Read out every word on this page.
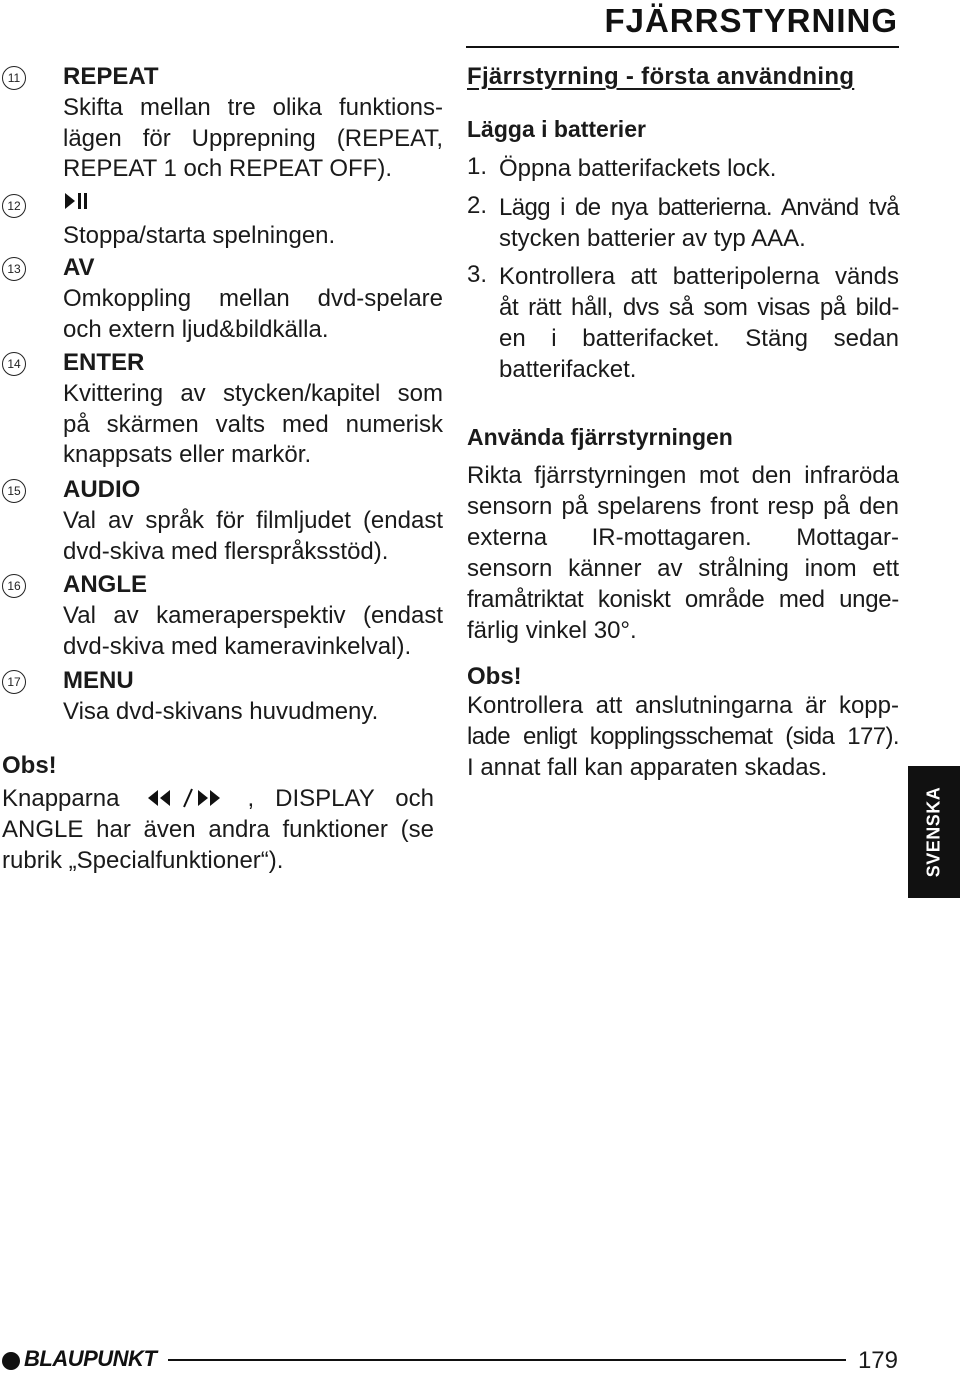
FJÄRRSTYRNING
11 REPEAT
Skifta mellan tre olika funktions-
lägen för Upprepning (REPEAT,
REPEAT 1 och REPEAT OFF).
12
Stoppa/starta spelningen.
13 AV
Omkoppling mellan dvd-spelare
och extern ljud&bildkälla.
14 ENTER
Kvittering av stycken/kapitel som
på skärmen valts med numerisk
knappsats eller markör.
15 AUDIO
Val av språk för filmljudet (endast
dvd-skiva med flerspråksstöd).
16 ANGLE
Val av kameraperspektiv (endast
dvd-skiva med kameravinkelval).
17 MENU
Visa dvd-skivans huvudmeny.
Obs!
Knapparna	, DISPLAY och
ANGLE har även andra funktioner (se
rubrik „Specialfunktioner“).
Fjärrstyrning - första användning
Lägga i batterier
1. Öppna batterifackets lock.
2. Lägg i de nya batterierna. Använd två
stycken batterier av typ AAA.
3. Kontrollera att batteripolerna vänds
åt rätt håll, dvs så som visas på bild-
en i batterifacket. Stäng sedan
batterifacket.
Använda fjärrstyrningen
Rikta fjärrstyrningen mot den infraröda
sensorn på spelarens front resp på den
externa IR-mottagaren. Mottagar-
sensorn känner av strålning inom ett
framåtriktat koniskt område med unge-
färlig vinkel 30°.
Obs!
Kontrollera att anslutningarna är kopp-
lade enligt kopplingsschemat (sida 177).
I annat fall kan apparaten skadas.
SVENSKA
BLAUPUNKT	179
